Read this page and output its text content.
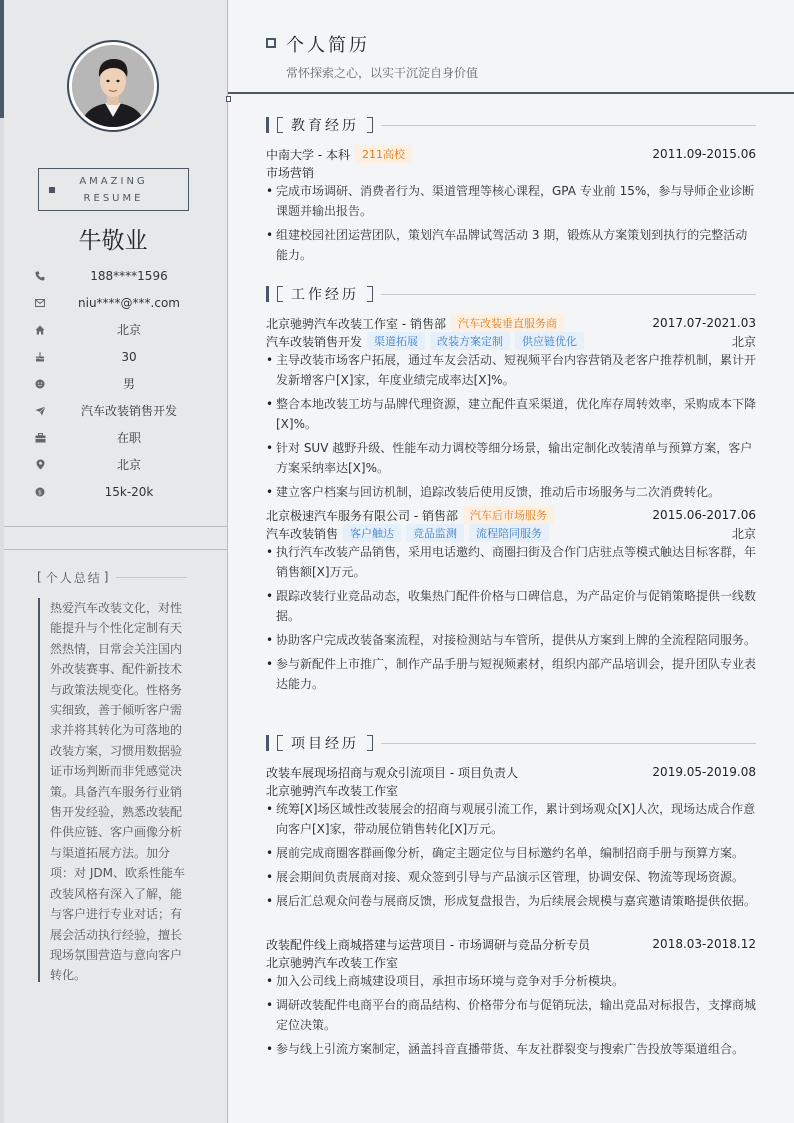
AMAZING
RESUME
牛敬业
188****1596
niu****@***.com
北京
30
男
汽车改装销售开发
在职
北京
$	15k-20k
[ 个人总结 ]
热爱汽车改装文化，对性能提升与个性化定制有天然热情，日常会关注国内外改装赛事、配件新技术与政策法规变化。性格务实细致，善于倾听客户需求并将其转化为可落地的改装方案，习惯用数据验证市场判断而非凭感觉决策。具备汽车服务行业销售开发经验，熟悉改装配件供应链、客户画像分析与渠道拓展方法。加分项：对 JDM、欧系性能车改装风格有深入了解，能与客户进行专业对话；有展会活动执行经验，擅长现场氛围营造与意向客户转化。
个人简历
常怀探索之心，以实干沉淀自身价值
教育经历
中南大学 - 本科	211高校	2011.09-2015.06
市场营销
• 完成市场调研、消费者行为、渠道管理等核心课程，GPA 专业前 15%，参与导师企业诊断课题并输出报告。
• 组建校园社团运营团队，策划汽车品牌试驾活动 3 期，锻炼从方案策划到执行的完整活动能力。
工作经历
北京驰骋汽车改装工作室 - 销售部	汽车改装垂直服务商	2017.07-2021.03
汽车改装销售开发	渠道拓展	改装方案定制	供应链优化	北京
• 主导改装市场客户拓展，通过车友会活动、短视频平台内容营销及老客户推荐机制，累计开发新增客户[X]家，年度业绩完成率达[X]%。
• 整合本地改装工坊与品牌代理资源，建立配件直采渠道，优化库存周转效率，采购成本下降[X]%。
• 针对 SUV 越野升级、性能车动力调校等细分场景，输出定制化改装清单与预算方案，客户方案采纳率达[X]%。
• 建立客户档案与回访机制，追踪改装后使用反馈，推动后市场服务与二次消费转化。
北京极速汽车服务有限公司 - 销售部	汽车后市场服务	2015.06-2017.06
汽车改装销售	客户触达	竞品监测	流程陪同服务	北京
• 执行汽车改装产品销售，采用电话邀约、商圈扫街及合作门店驻点等模式触达目标客群，年销售额[X]万元。
• 跟踪改装行业竞品动态，收集热门配件价格与口碑信息，为产品定价与促销策略提供一线数据。
• 协助客户完成改装备案流程，对接检测站与车管所，提供从方案到上牌的全流程陪同服务。
• 参与新配件上市推广，制作产品手册与短视频素材，组织内部产品培训会，提升团队专业表达能力。
项目经历
改装车展现场招商与观众引流项目 - 项目负责人	2019.05-2019.08
北京驰骋汽车改装工作室
• 统筹[X]场区域性改装展会的招商与观展引流工作，累计到场观众[X]人次，现场达成合作意向客户[X]家，带动展位销售转化[X]万元。
• 展前完成商圈客群画像分析，确定主题定位与目标邀约名单，编制招商手册与预算方案。
• 展会期间负责展商对接、观众签到引导与产品演示区管理，协调安保、物流等现场资源。
• 展后汇总观众问卷与展商反馈，形成复盘报告，为后续展会规模与嘉宾邀请策略提供依据。
改装配件线上商城搭建与运营项目 - 市场调研与竞品分析专员	2018.03-2018.12
北京驰骋汽车改装工作室
• 加入公司线上商城建设项目，承担市场环境与竞争对手分析模块。
• 调研改装配件电商平台的商品结构、价格带分布与促销玩法，输出竞品对标报告，支撑商城定位决策。
• 参与线上引流方案制定，涵盖抖音直播带货、车友社群裂变与搜索广告投放等渠道组合。
